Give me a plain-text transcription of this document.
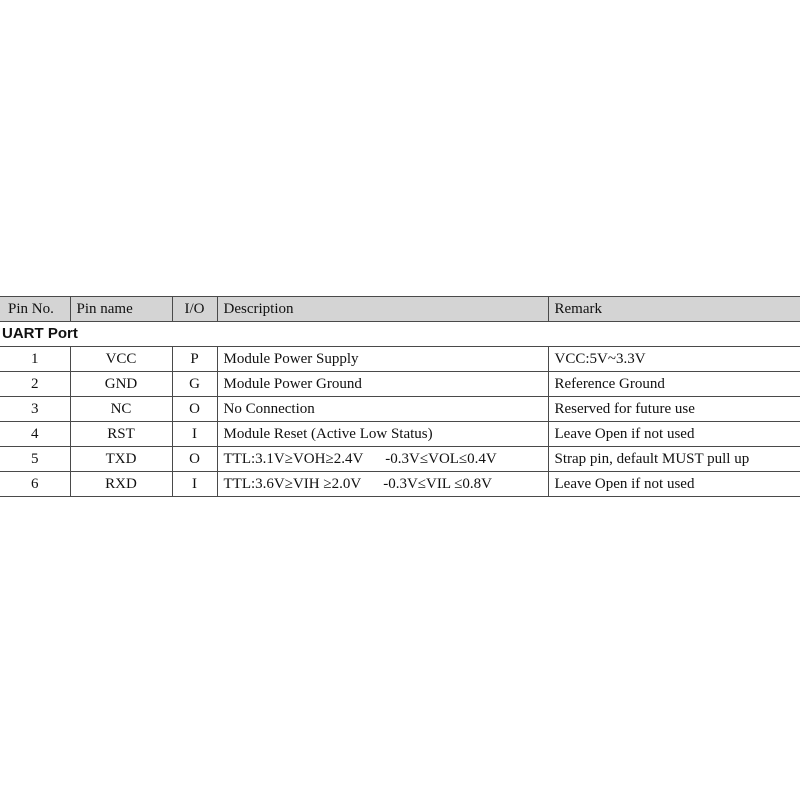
Pin No.	Pin name	I/O	Description	Remark
UART Port				
1	VCC	P	Module Power Supply	VCC:5V~3.3V
2	GND	G	Module Power Ground	Reference Ground
3	NC	O	No Connection	Reserved for future use
4	RST	I	Module Reset (Active Low Status)	Leave Open if not used
5	TXD	O	TTL:3.1V≥VOH≥2.4V -0.3V≤VOL≤0.4V	Strap pin, default MUST pull up
6	RXD	I	TTL:3.6V≥VIH ≥2.0V -0.3V≤VIL ≤0.8V	Leave Open if not used
